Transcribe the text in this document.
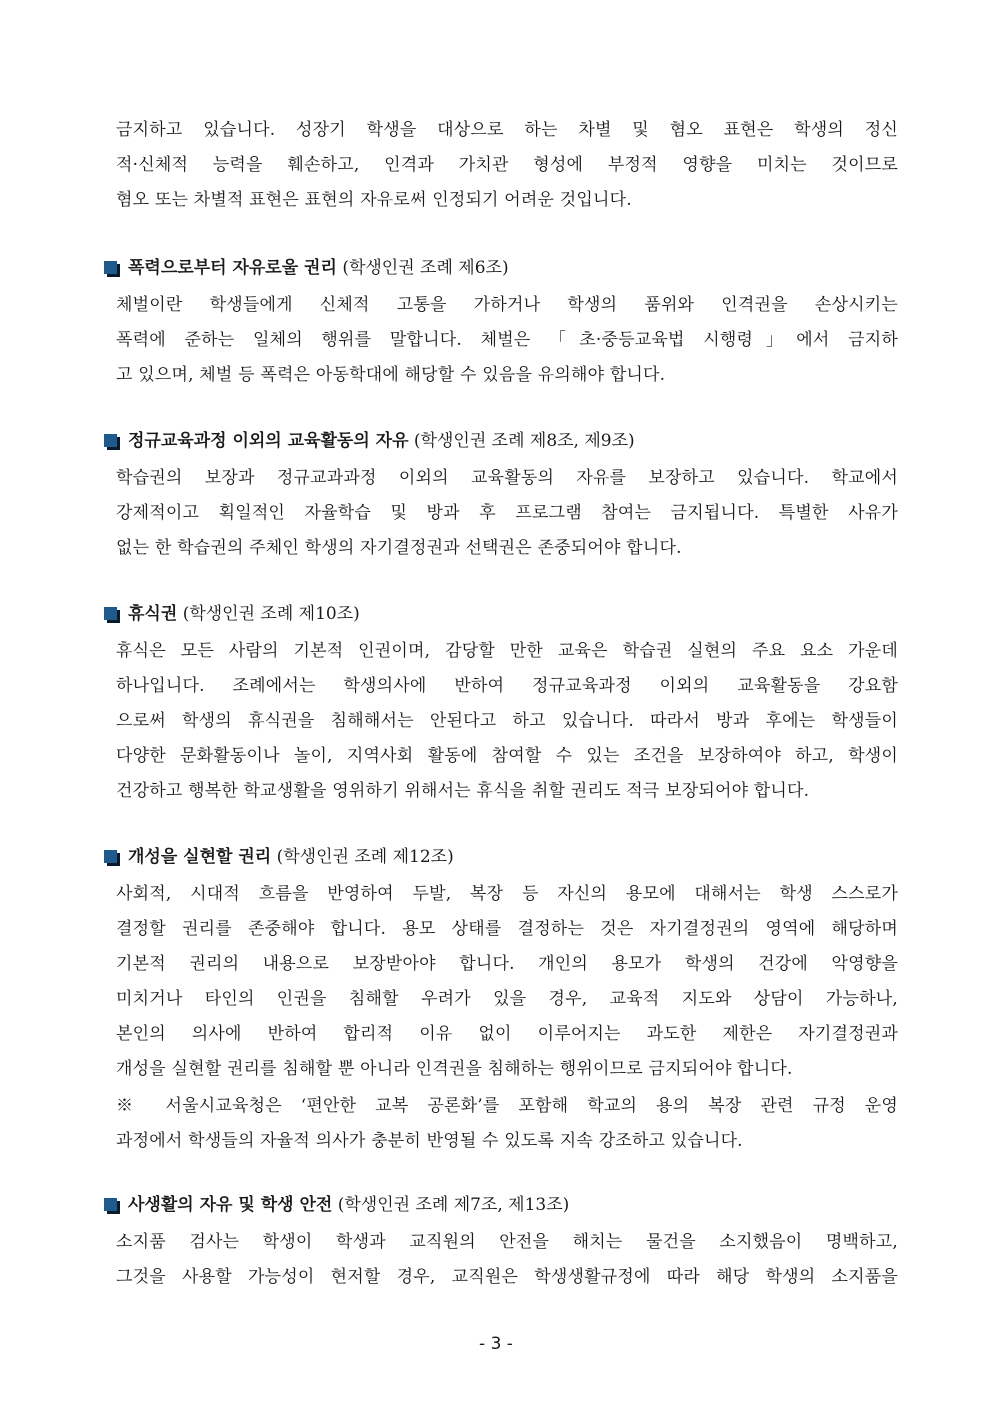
금지하고 있습니다. 성장기 학생을 대상으로 하는 차별 및 혐오 표현은 학생의 정신
적·신체적 능력을 훼손하고, 인격과 가치관 형성에 부정적 영향을 미치는 것이므로
혐오 또는 차별적 표현은 표현의 자유로써 인정되기 어려운 것입니다.
폭력으로부터 자유로울 권리 (학생인권 조례 제6조)
체벌이란 학생들에게 신체적 고통을 가하거나 학생의 품위와 인격권을 손상시키는
폭력에 준하는 일체의 행위를 말합니다. 체벌은 「초·중등교육법 시행령」에서 금지하
고 있으며, 체벌 등 폭력은 아동학대에 해당할 수 있음을 유의해야 합니다.
정규교육과정 이외의 교육활동의 자유 (학생인권 조례 제8조, 제9조)
학습권의 보장과 정규교과과정 이외의 교육활동의 자유를 보장하고 있습니다. 학교에서
강제적이고 획일적인 자율학습 및 방과 후 프로그램 참여는 금지됩니다. 특별한 사유가
없는 한 학습권의 주체인 학생의 자기결정권과 선택권은 존중되어야 합니다.
휴식권 (학생인권 조례 제10조)
휴식은 모든 사람의 기본적 인권이며, 감당할 만한 교육은 학습권 실현의 주요 요소 가운데
하나입니다. 조례에서는 학생의사에 반하여 정규교육과정 이외의 교육활동을 강요함
으로써 학생의 휴식권을 침해해서는 안된다고 하고 있습니다. 따라서 방과 후에는 학생들이
다양한 문화활동이나 놀이, 지역사회 활동에 참여할 수 있는 조건을 보장하여야 하고, 학생이
건강하고 행복한 학교생활을 영위하기 위해서는 휴식을 취할 권리도 적극 보장되어야 합니다.
개성을 실현할 권리 (학생인권 조례 제12조)
사회적, 시대적 흐름을 반영하여 두발, 복장 등 자신의 용모에 대해서는 학생 스스로가
결정할 권리를 존중해야 합니다. 용모 상태를 결정하는 것은 자기결정권의 영역에 해당하며
기본적 권리의 내용으로 보장받아야 합니다. 개인의 용모가 학생의 건강에 악영향을
미치거나 타인의 인권을 침해할 우려가 있을 경우, 교육적 지도와 상담이 가능하나,
본인의 의사에 반하여 합리적 이유 없이 이루어지는 과도한 제한은 자기결정권과
개성을 실현할 권리를 침해할 뿐 아니라 인격권을 침해하는 행위이므로 금지되어야 합니다.
※ 서울시교육청은 ‘편안한 교복 공론화’를 포함해 학교의 용의 복장 관련 규정 운영
과정에서 학생들의 자율적 의사가 충분히 반영될 수 있도록 지속 강조하고 있습니다.
사생활의 자유 및 학생 안전 (학생인권 조례 제7조, 제13조)
소지품 검사는 학생이 학생과 교직원의 안전을 해치는 물건을 소지했음이 명백하고,
그것을 사용할 가능성이 현저할 경우, 교직원은 학생생활규정에 따라 해당 학생의 소지품을
- 3 -
